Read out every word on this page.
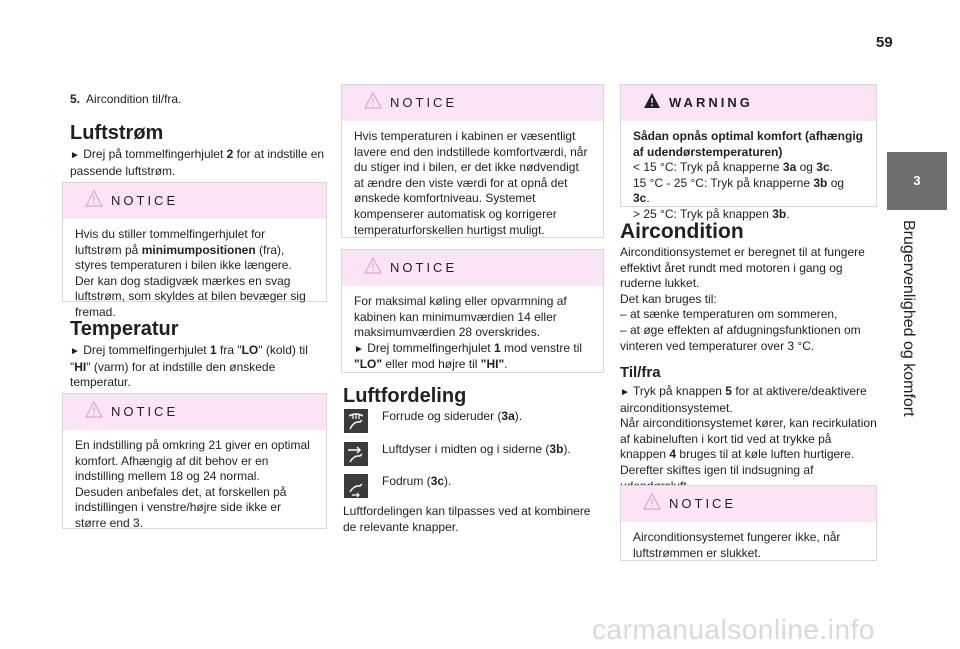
59
3
Brugervenlighed og komfort
5. Aircondition til/fra.
Luftstrøm
► Drej på tommelfingerhjulet 2 for at indstille en passende luftstrøm.
NOTICE
Hvis du stiller tommelfingerhjulet for luftstrøm på minimumpositionen (fra), styres temperaturen i bilen ikke længere. Der kan dog stadigvæk mærkes en svag luftstrøm, som skyldes at bilen bevæger sig fremad.
Temperatur
► Drej tommelfingerhjulet 1 fra "LO" (kold) til "HI" (varm) for at indstille den ønskede temperatur.
NOTICE
En indstilling på omkring 21 giver en optimal komfort. Afhængig af dit behov er en indstilling mellem 18 og 24 normal.
Desuden anbefales det, at forskellen på indstillingen i venstre/højre side ikke er større end 3.
NOTICE
Hvis temperaturen i kabinen er væsentligt lavere end den indstillede komfortværdi, når du stiger ind i bilen, er det ikke nødvendigt at ændre den viste værdi for at opnå det ønskede komfortniveau. Systemet kompenserer automatisk og korrigerer temperaturforskellen hurtigst muligt.
NOTICE
For maksimal køling eller opvarmning af kabinen kan minimumværdien 14 eller maksimumværdien 28 overskrides.
► Drej tommelfingerhjulet 1 mod venstre til "LO" eller mod højre til "HI".
Luftfordeling
Forrude og sideruder (3a).
Luftdyser i midten og i siderne (3b).
Fodrum (3c).
Luftfordelingen kan tilpasses ved at kombinere de relevante knapper.
WARNING
Sådan opnås optimal komfort (afhængig af udendørstemperaturen)
< 15 °C: Tryk på knapperne 3a og 3c.
15 °C - 25 °C: Tryk på knapperne 3b og 3c.
> 25 °C: Tryk på knappen 3b.
Aircondition
Airconditionsystemet er beregnet til at fungere effektivt året rundt med motoren i gang og ruderne lukket.
Det kan bruges til:
– at sænke temperaturen om sommeren,
– at øge effekten af afdugningsfunktionen om vinteren ved temperaturer over 3 °C.
Til/fra
► Tryk på knappen 5 for at aktivere/deaktivere airconditionsystemet.
Når airconditionsystemet kører, kan recirkulation af kabineluften i kort tid ved at trykke på knappen 4 bruges til at køle luften hurtigere. Derefter skiftes igen til indsugning af
NOTICE
Airconditionsystemet fungerer ikke, når luftstrømmen er slukket.
carmanualsonline.info
